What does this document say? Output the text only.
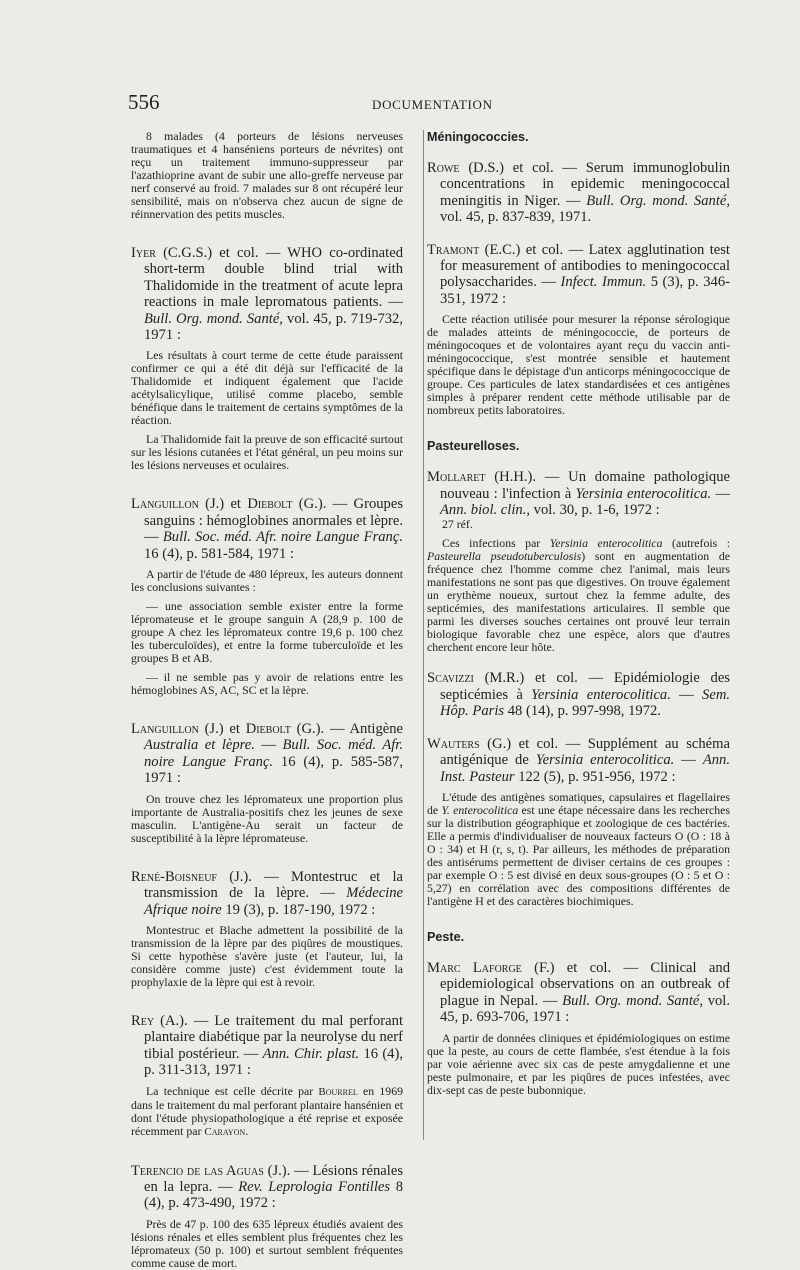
556	DOCUMENTATION

8 malades (4 porteurs de lésions nerveuses traumatiques et 4 hanséniens porteurs de névrites) ont reçu un traitement immuno-suppresseur par l'azathioprine avant de subir une allo-greffe nerveuse par nerf conservé au froid. 7 malades sur 8 ont récupéré leur sensibilité, mais on n'observa chez aucun de signe de réinnervation des petits muscles.

Iyer (C.G.S.) et col. — WHO co-ordinated short-term double blind trial with Thalidomide in the treatment of acute lepra reactions in male lepromatous patients. — Bull. Org. mond. Santé, vol. 45, p. 719-732, 1971 :

Les résultats à court terme de cette étude paraissent confirmer ce qui a été dit déjà sur l'efficacité de la Thalidomide et indiquent également que l'acide acétylsalicylique, utilisé comme placebo, semble bénéfique dans le traitement de certains symptômes de la réaction.

La Thalidomide fait la preuve de son efficacité surtout sur les lésions cutanées et l'état général, un peu moins sur les lésions nerveuses et oculaires.

Languillon (J.) et Diebolt (G.). — Groupes sanguins : hémoglobines anormales et lèpre. — Bull. Soc. méd. Afr. noire Langue Franç. 16 (4), p. 581-584, 1971 :

A partir de l'étude de 480 lépreux, les auteurs donnent les conclusions suivantes :

— une association semble exister entre la forme lépromateuse et le groupe sanguin A (28,9 p. 100 de groupe A chez les lépromateux contre 19,6 p. 100 chez les tuberculoïdes), et entre la forme tuberculoïde et les groupes B et AB.

— il ne semble pas y avoir de relations entre les hémoglobines AS, AC, SC et la lèpre.

Languillon (J.) et Diebolt (G.). — Antigène Australia et lèpre. — Bull. Soc. méd. Afr. noire Langue Franç. 16 (4), p. 585-587, 1971 :

On trouve chez les lépromateux une proportion plus importante de Australia-positifs chez les jeunes de sexe masculin. L'antigène-Au serait un facteur de susceptibilité à la lèpre lépromateuse.

René-Boisneuf (J.). — Montestruc et la transmission de la lèpre. — Médecine Afrique noire 19 (3), p. 187-190, 1972 :

Montestruc et Blache admettent la possibilité de la transmission de la lèpre par des piqûres de moustiques. Si cette hypothèse s'avère juste (et l'auteur, lui, la considère comme juste) c'est évidemment toute la prophylaxie de la lèpre qui est à revoir.

Rey (A.). — Le traitement du mal perforant plantaire diabétique par la neurolyse du nerf tibial postérieur. — Ann. Chir. plast. 16 (4), p. 311-313, 1971 :

La technique est celle décrite par Bourrel en 1969 dans le traitement du mal perforant plantaire hansénien et dont l'étude physiopathologique a été reprise et exposée récemment par Carayon.

Terencio de las Aguas (J.). — Lésions rénales en la lepra. — Rev. Leprologia Fontilles 8 (4), p. 473-490, 1972 :

Près de 47 p. 100 des 635 lépreux étudiés avaient des lésions rénales et elles semblent plus fréquentes chez les lépromateux (50 p. 100) et surtout semblent fréquentes comme cause de mort.

Méningococcies.

Rowe (D.S.) et col. — Serum immunoglobulin concentrations in epidemic meningococcal meningitis in Niger. — Bull. Org. mond. Santé, vol. 45, p. 837-839, 1971.

Tramont (E.C.) et col. — Latex agglutination test for measurement of antibodies to meningococcal polysaccharides. — Infect. Immun. 5 (3), p. 346-351, 1972 :

Cette réaction utilisée pour mesurer la réponse sérologique de malades atteints de méningococcie, de porteurs de méningocoques et de volontaires ayant reçu du vaccin anti-méningococcique, s'est montrée sensible et hautement spécifique dans le dépistage d'un anticorps méningococcique de groupe. Ces particules de latex standardisées et ces antigènes simples à préparer rendent cette méthode utilisable par de nombreux petits laboratoires.

Pasteurelloses.

Mollaret (H.H.). — Un domaine pathologique nouveau : l'infection à Yersinia enterocolitica. — Ann. biol. clin., vol. 30, p. 1-6, 1972 :

27 réf.

Ces infections par Yersinia enterocolitica (autrefois : Pasteurella pseudotuberculosis) sont en augmentation de fréquence chez l'homme comme chez l'animal, mais leurs manifestations ne sont pas que digestives. On trouve également un erythème noueux, surtout chez la femme adulte, des septicémies, des manifestations articulaires. Il semble que parmi les diverses souches certaines ont prouvé leur terrain biologique favorable chez une espèce, alors que d'autres cherchent encore leur hôte.

Scavizzi (M.R.) et col. — Epidémiologie des septicémies à Yersinia enterocolitica. — Sem. Hôp. Paris 48 (14), p. 997-998, 1972.

Wauters (G.) et col. — Supplément au schéma antigénique de Yersinia enterocolitica. — Ann. Inst. Pasteur 122 (5), p. 951-956, 1972 :

L'étude des antigènes somatiques, capsulaires et flagellaires de Y. enterocolitica est une étape nécessaire dans les recherches sur la distribution géographique et zoologique de ces bactéries. Elle a permis d'individualiser de nouveaux facteurs O (O : 18 à O : 34) et H (r, s, t). Par ailleurs, les méthodes de préparation des antisérums permettent de diviser certains de ces groupes : par exemple O : 5 est divisé en deux sous-groupes (O : 5 et O : 5,27) en corrélation avec des compositions différentes de l'antigène H et des caractères biochimiques.

Peste.

Marc Laforge (F.) et col. — Clinical and epidemiological observations on an outbreak of plague in Nepal. — Bull. Org. mond. Santé, vol. 45, p. 693-706, 1971 :

A partir de données cliniques et épidémiologiques on estime que la peste, au cours de cette flambée, s'est étendue à la fois par voie aérienne avec six cas de peste amygdalienne et une peste pulmonaire, et par les piqûres de puces infestées, avec dix-sept cas de peste bubonnique.
